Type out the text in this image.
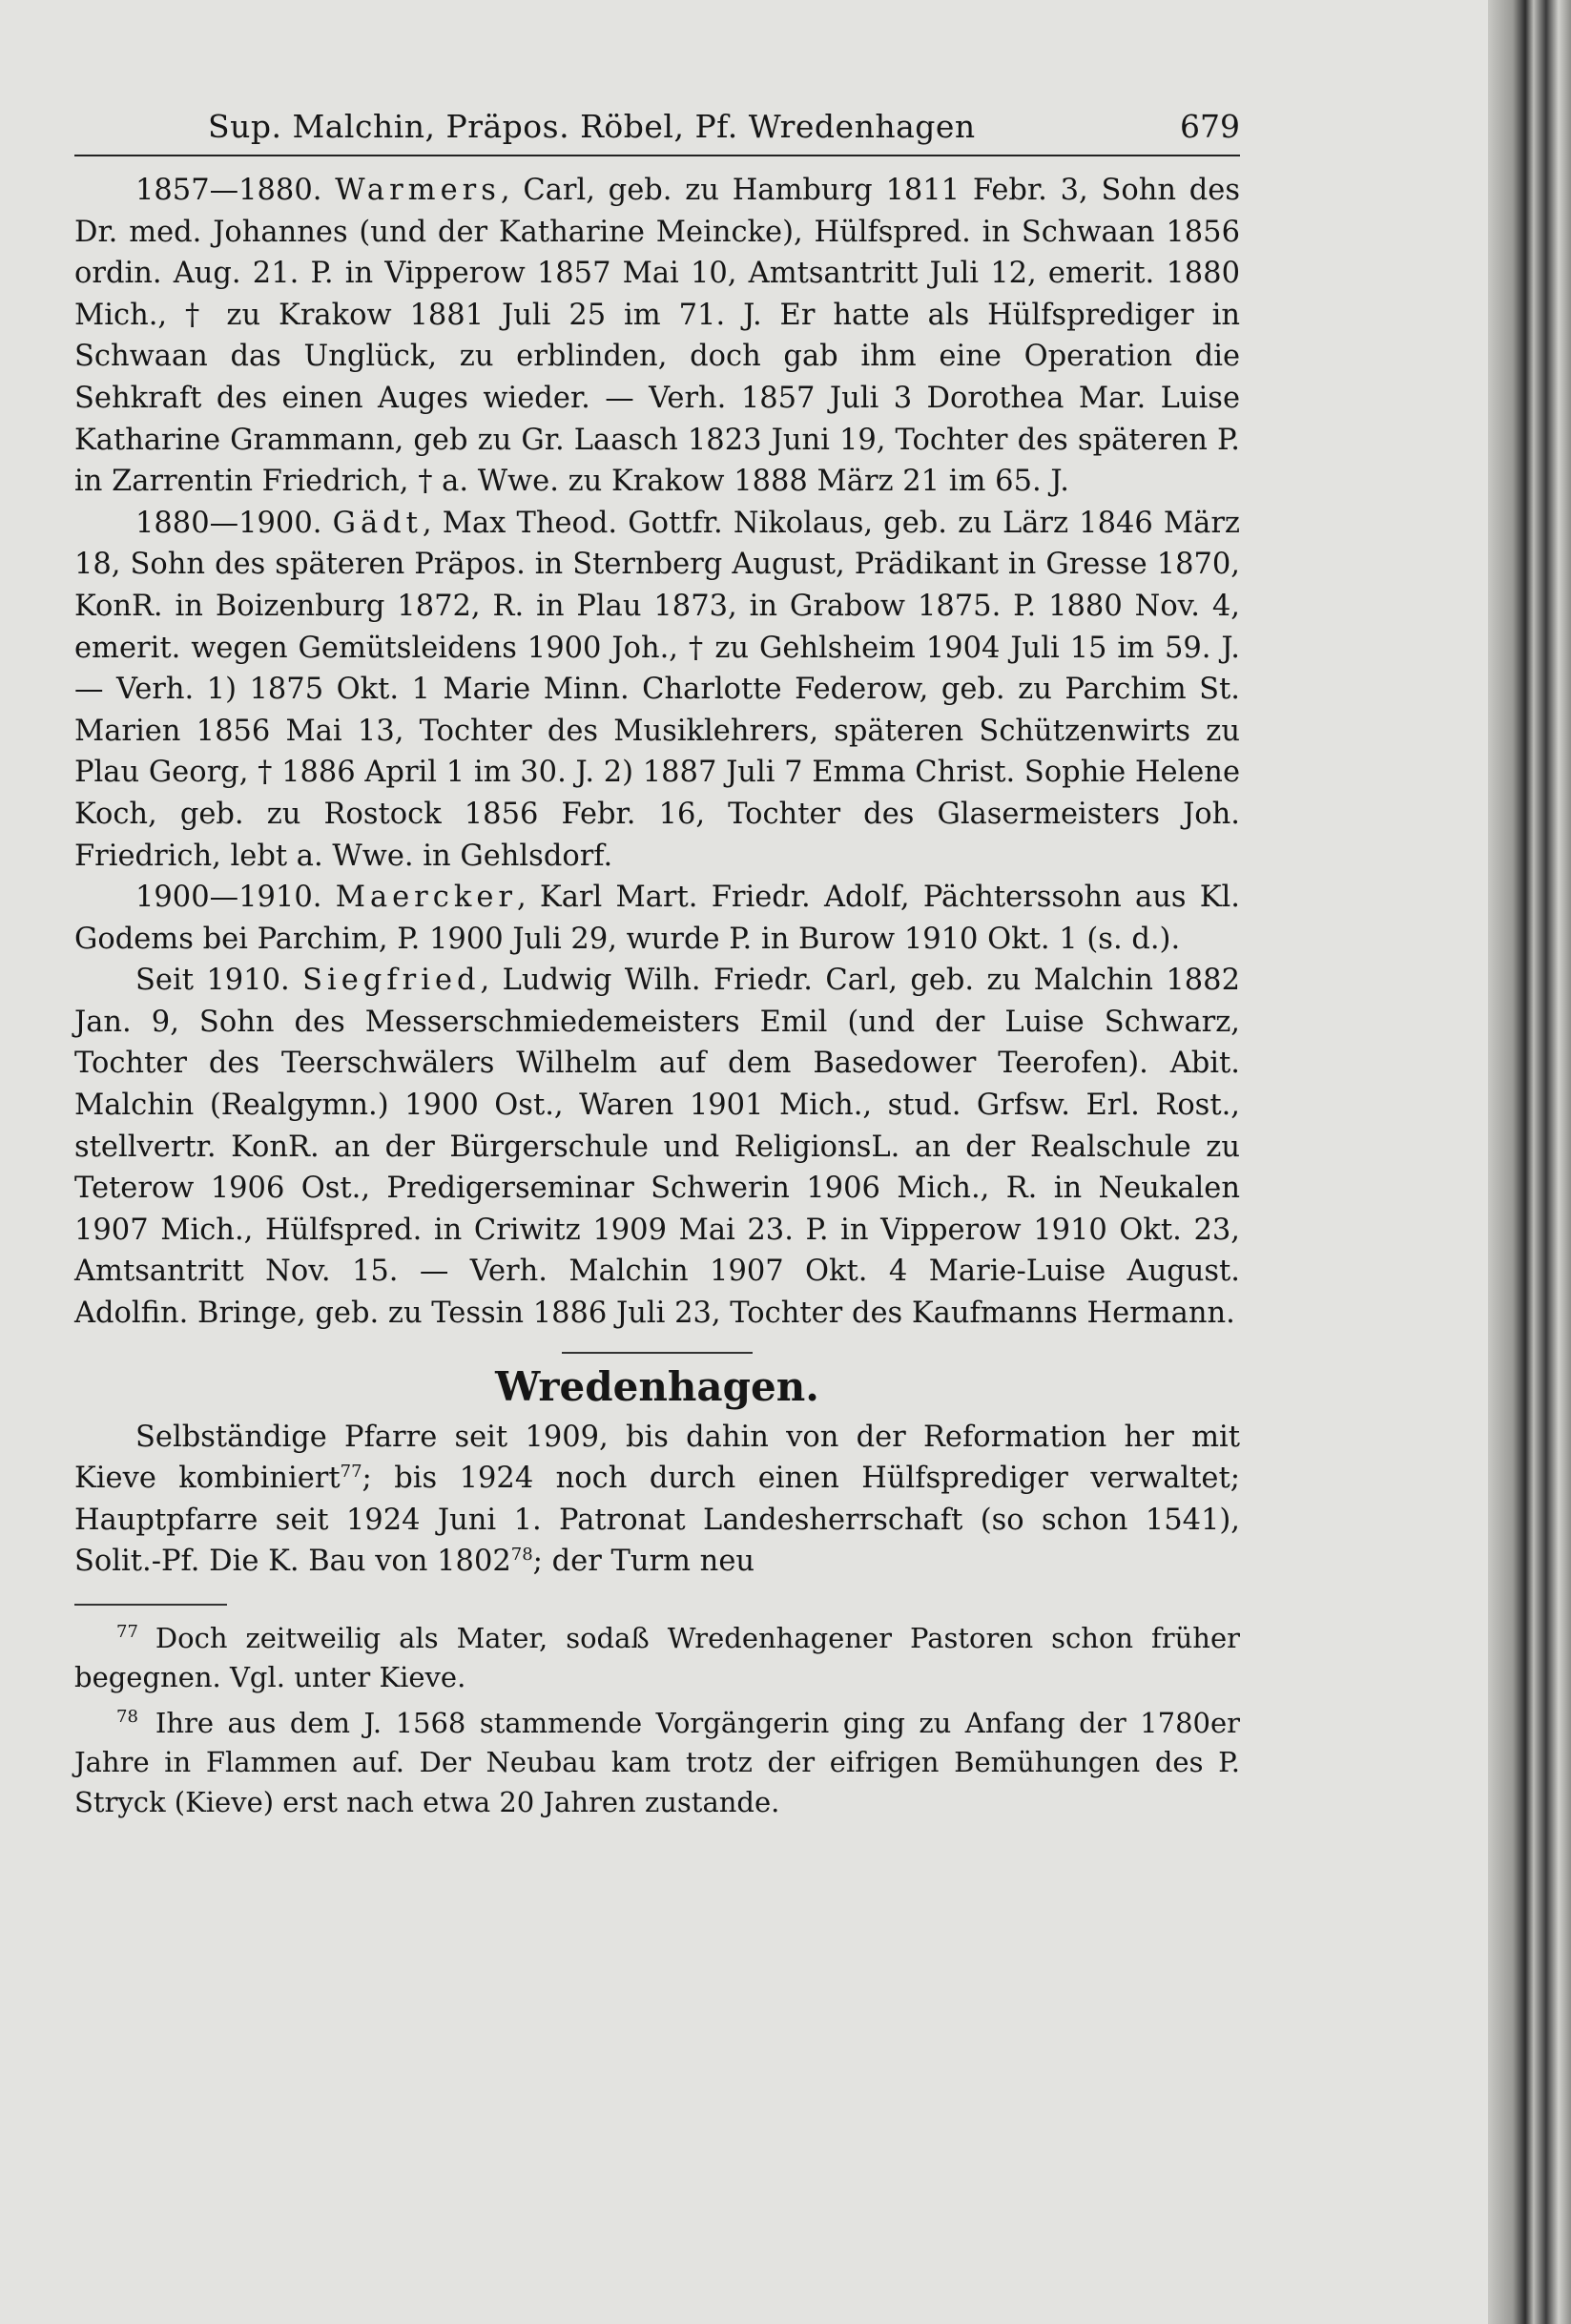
Sup. Malchin, Präpos. Röbel, Pf. Wredenhagen	679

1857—1880. Warmers, Carl, geb. zu Hamburg 1811 Febr. 3, Sohn des Dr. med. Johannes (und der Katharine Meincke), Hülfspred. in Schwaan 1856 ordin. Aug. 21. P. in Vipperow 1857 Mai 10, Amtsantritt Juli 12, emerit. 1880 Mich., † zu Krakow 1881 Juli 25 im 71. J. Er hatte als Hülfsprediger in Schwaan das Unglück, zu erblinden, doch gab ihm eine Operation die Sehkraft des einen Auges wieder. — Verh. 1857 Juli 3 Dorothea Mar. Luise Katharine Grammann, geb zu Gr. Laasch 1823 Juni 19, Tochter des späteren P. in Zarrentin Friedrich, † a. Wwe. zu Krakow 1888 März 21 im 65. J.

1880—1900. Gädt, Max Theod. Gottfr. Nikolaus, geb. zu Lärz 1846 März 18, Sohn des späteren Präpos. in Sternberg August, Prädikant in Gresse 1870, KonR. in Boizenburg 1872, R. in Plau 1873, in Grabow 1875. P. 1880 Nov. 4, emerit. wegen Gemütsleidens 1900 Joh., † zu Gehlsheim 1904 Juli 15 im 59. J. — Verh. 1) 1875 Okt. 1 Marie Minn. Charlotte Federow, geb. zu Parchim St. Marien 1856 Mai 13, Tochter des Musiklehrers, späteren Schützenwirts zu Plau Georg, † 1886 April 1 im 30. J. 2) 1887 Juli 7 Emma Christ. Sophie Helene Koch, geb. zu Rostock 1856 Febr. 16, Tochter des Glasermeisters Joh. Friedrich, lebt a. Wwe. in Gehlsdorf.

1900—1910. Maercker, Karl Mart. Friedr. Adolf, Pächterssohn aus Kl. Godems bei Parchim, P. 1900 Juli 29, wurde P. in Burow 1910 Okt. 1 (s. d.).

Seit 1910. Siegfried, Ludwig Wilh. Friedr. Carl, geb. zu Malchin 1882 Jan. 9, Sohn des Messerschmiedemeisters Emil (und der Luise Schwarz, Tochter des Teerschwälers Wilhelm auf dem Basedower Teerofen). Abit. Malchin (Realgymn.) 1900 Ost., Waren 1901 Mich., stud. Grfsw. Erl. Rost., stellvertr. KonR. an der Bürgerschule und ReligionsL. an der Realschule zu Teterow 1906 Ost., Predigerseminar Schwerin 1906 Mich., R. in Neukalen 1907 Mich., Hülfspred. in Criwitz 1909 Mai 23. P. in Vipperow 1910 Okt. 23, Amtsantritt Nov. 15. — Verh. Malchin 1907 Okt. 4 Marie-Luise August. Adolfin. Bringe, geb. zu Tessin 1886 Juli 23, Tochter des Kaufmanns Hermann.

Wredenhagen.

Selbständige Pfarre seit 1909, bis dahin von der Reformation her mit Kieve kombiniert$^{77}$; bis 1924 noch durch einen Hülfsprediger verwaltet; Hauptpfarre seit 1924 Juni 1. Patronat Landesherrschaft (so schon 1541), Solit.-Pf. Die K. Bau von 1802$^{78}$; der Turm neu

$^{77}$ Doch zeitweilig als Mater, sodaß Wredenhagener Pastoren schon früher begegnen. Vgl. unter Kieve.

$^{78}$ Ihre aus dem J. 1568 stammende Vorgängerin ging zu Anfang der 1780er Jahre in Flammen auf. Der Neubau kam trotz der eifrigen Bemühungen des P. Stryck (Kieve) erst nach etwa 20 Jahren zustande.
